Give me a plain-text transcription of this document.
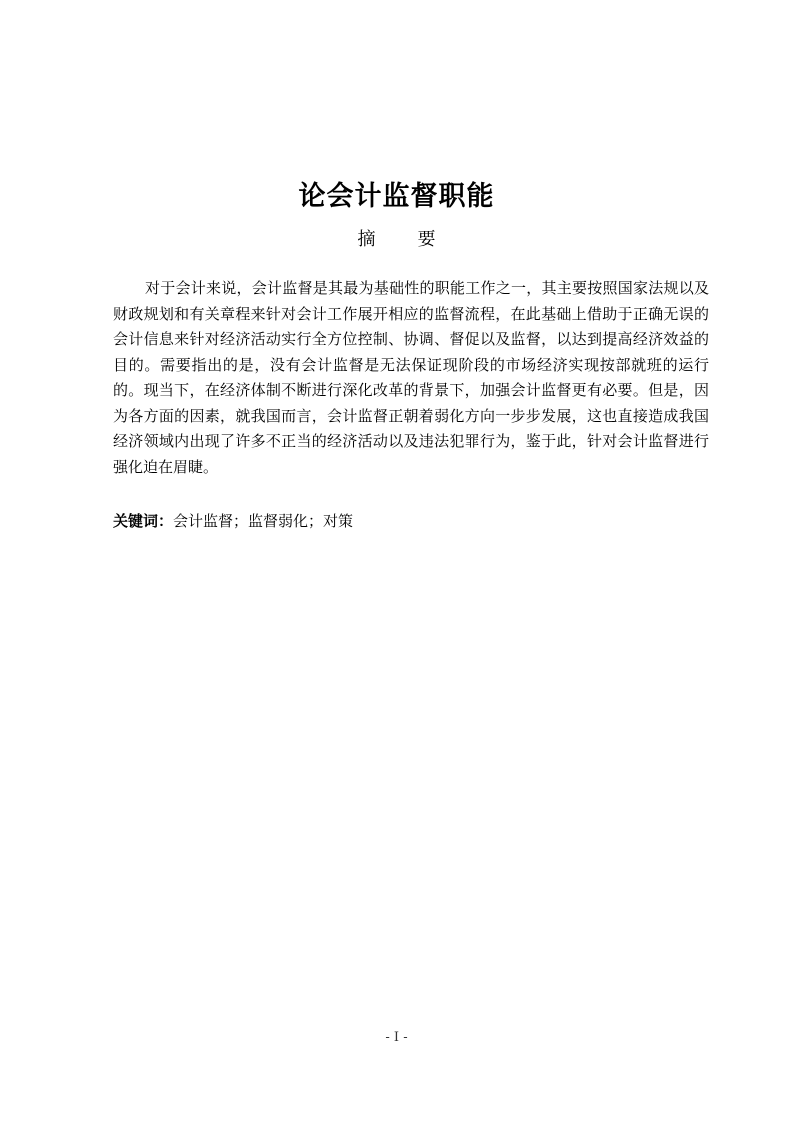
论会计监督职能
摘要

对于会计来说，会计监督是其最为基础性的职能工作之一，其主要按照国家法规以及财政规划和有关章程来针对会计工作展开相应的监督流程，在此基础上借助于正确无误的会计信息来针对经济活动实行全方位控制、协调、督促以及监督，以达到提高经济效益的目的。需要指出的是，没有会计监督是无法保证现阶段的市场经济实现按部就班的运行的。现当下，在经济体制不断进行深化改革的背景下，加强会计监督更有必要。但是，因为各方面的因素，就我国而言，会计监督正朝着弱化方向一步步发展，这也直接造成我国经济领域内出现了许多不正当的经济活动以及违法犯罪行为，鉴于此，针对会计监督进行强化迫在眉睫。

关键词：会计监督；监督弱化；对策
- I -
